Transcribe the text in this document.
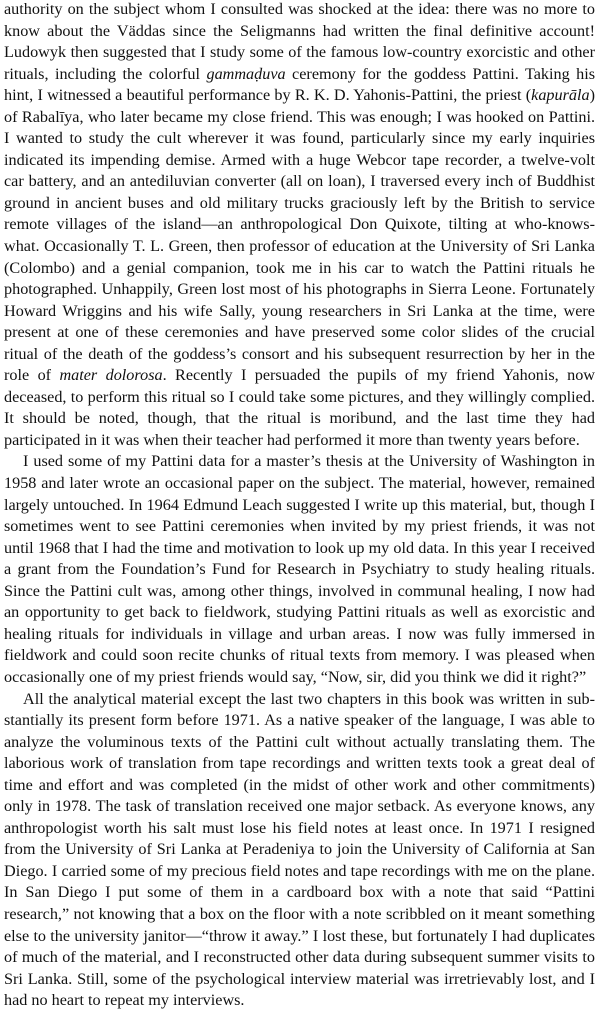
authority on the subject whom I consulted was shocked at the idea: there was no more to know about the Väddas since the Seligmanns had written the final definitive account! Ludowyk then suggested that I study some of the famous low-country exorcistic and other rituals, including the colorful gammaḍuva ceremony for the goddess Pattini. Taking his hint, I witnessed a beautiful performance by R. K. D. Yahonis-Pattini, the priest (kapurāla) of Rabalīya, who later became my close friend. This was enough; I was hooked on Pattini. I wanted to study the cult wherever it was found, particularly since my early inquiries indicated its impending demise. Armed with a huge Webcor tape recorder, a twelve-volt car battery, and an antediluvian converter (all on loan), I traversed every inch of Buddhist ground in ancient buses and old military trucks graciously left by the British to service remote villages of the island—an anthropological Don Quixote, tilting at who-knows-what. Occasionally T. L. Green, then professor of education at the University of Sri Lanka (Colombo) and a genial companion, took me in his car to watch the Pattini rituals he photographed. Unhappily, Green lost most of his photographs in Sierra Leone. Fortunately Howard Wriggins and his wife Sally, young researchers in Sri Lanka at the time, were present at one of these ceremonies and have preserved some color slides of the crucial ritual of the death of the goddess’s consort and his subsequent resurrection by her in the role of mater dolorosa. Recently I persuaded the pupils of my friend Yahonis, now deceased, to perform this ritual so I could take some pictures, and they willingly complied. It should be noted, though, that the ritual is moribund, and the last time they had participated in it was when their teacher had performed it more than twenty years before.

I used some of my Pattini data for a master’s thesis at the University of Washington in 1958 and later wrote an occasional paper on the subject. The material, however, remained largely untouched. In 1964 Edmund Leach suggested I write up this material, but, though I sometimes went to see Pattini ceremonies when invited by my priest friends, it was not until 1968 that I had the time and motivation to look up my old data. In this year I received a grant from the Foundation’s Fund for Research in Psychiatry to study healing rituals. Since the Pattini cult was, among other things, involved in communal healing, I now had an opportunity to get back to fieldwork, studying Pattini rituals as well as exorcistic and healing rituals for individuals in village and urban areas. I now was fully immersed in fieldwork and could soon recite chunks of ritual texts from memory. I was pleased when occasionally one of my priest friends would say, “Now, sir, did you think we did it right?”

All the analytical material except the last two chapters in this book was written in substantially its present form before 1971. As a native speaker of the language, I was able to analyze the voluminous texts of the Pattini cult without actually translating them. The laborious work of translation from tape recordings and written texts took a great deal of time and effort and was completed (in the midst of other work and other commitments) only in 1978. The task of translation received one major setback. As everyone knows, any anthropologist worth his salt must lose his field notes at least once. In 1971 I resigned from the University of Sri Lanka at Peradeniya to join the University of California at San Diego. I carried some of my precious field notes and tape recordings with me on the plane. In San Diego I put some of them in a cardboard box with a note that said “Pattini research,” not knowing that a box on the floor with a note scribbled on it meant something else to the university janitor—“throw it away.” I lost these, but fortunately I had duplicates of much of the material, and I reconstructed other data during subsequent summer visits to Sri Lanka. Still, some of the psychological interview material was irretrievably lost, and I had no heart to repeat my interviews.
